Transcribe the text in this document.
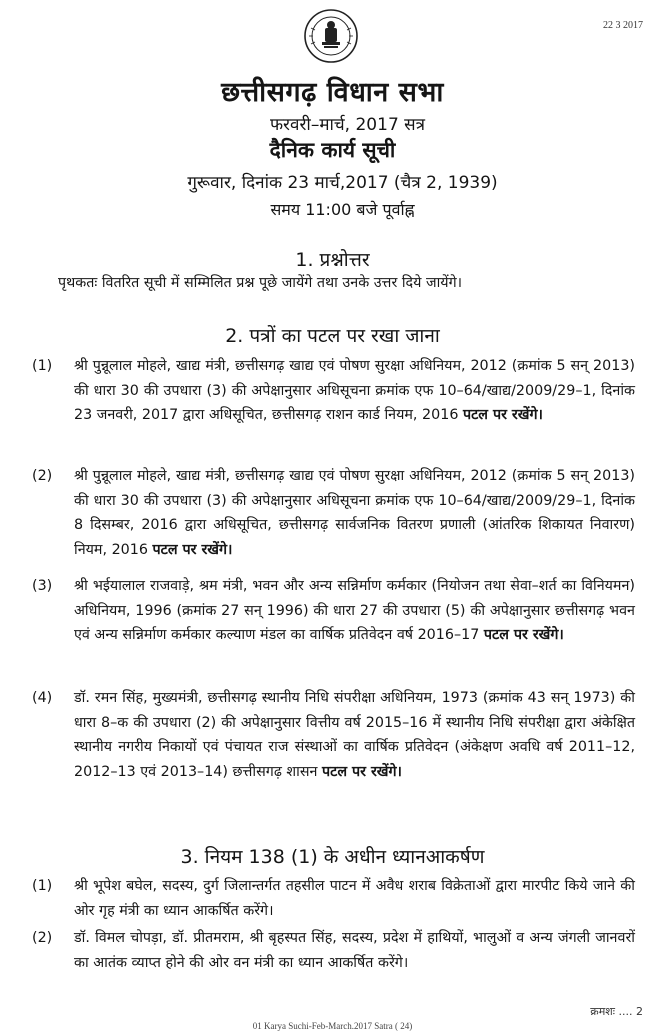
22 3 2017
छत्तीसगढ़ विधान सभा
फरवरी–मार्च, 2017 सत्र
दैनिक कार्य सूची
गुरूवार, दिनांक 23 मार्च,2017 (चैत्र 2, 1939)
समय 11:00 बजे पूर्वाह्न
1. प्रश्नोत्तर
पृथकतः वितरित सूची में सम्मिलित प्रश्न पूछे जायेंगे तथा उनके उत्तर दिये जायेंगे।
2. पत्रों का पटल पर रखा जाना
(1)	श्री पुन्नूलाल मोहले, खाद्य मंत्री, छत्तीसगढ़ खाद्य एवं पोषण सुरक्षा अधिनियम, 2012 (क्रमांक 5 सन् 2013) की धारा 30 की उपधारा (3) की अपेक्षानुसार अधिसूचना क्रमांक एफ 10–64/खाद्य/2009/29–1, दिनांक 23 जनवरी, 2017 द्वारा अधिसूचित, छत्तीसगढ़ राशन कार्ड नियम, 2016 पटल पर रखेंगे।
(2)	श्री पुन्नूलाल मोहले, खाद्य मंत्री, छत्तीसगढ़ खाद्य एवं पोषण सुरक्षा अधिनियम, 2012 (क्रमांक 5 सन् 2013) की धारा 30 की उपधारा (3) की अपेक्षानुसार अधिसूचना क्रमांक एफ 10–64/खाद्य/2009/29–1, दिनांक 8 दिसम्बर, 2016 द्वारा अधिसूचित, छत्तीसगढ़ सार्वजनिक वितरण प्रणाली (आंतरिक शिकायत निवारण) नियम, 2016 पटल पर रखेंगे।
(3)	श्री भईयालाल राजवाड़े, श्रम मंत्री, भवन और अन्य सन्निर्माण कर्मकार (नियोजन तथा सेवा–शर्त का विनियमन) अधिनियम, 1996 (क्रमांक 27 सन् 1996) की धारा 27 की उपधारा (5) की अपेक्षानुसार छत्तीसगढ़ भवन एवं अन्य सन्निर्माण कर्मकार कल्याण मंडल का वार्षिक प्रतिवेदन वर्ष 2016–17 पटल पर रखेंगे।
(4)	डॉ. रमन सिंह, मुख्यमंत्री, छत्तीसगढ़ स्थानीय निधि संपरीक्षा अधिनियम, 1973 (क्रमांक 43 सन् 1973) की धारा 8–क की उपधारा (2) की अपेक्षानुसार वित्तीय वर्ष 2015–16 में स्थानीय निधि संपरीक्षा द्वारा अंकेक्षित स्थानीय नगरीय निकायों एवं पंचायत राज संस्थाओं का वार्षिक प्रतिवेदन (अंकेक्षण अवधि वर्ष 2011–12, 2012–13 एवं 2013–14) छत्तीसगढ़ शासन पटल पर रखेंगे।
3. नियम 138 (1) के अधीन ध्यानआकर्षण
(1)	श्री भूपेश बघेल, सदस्य, दुर्ग जिलान्तर्गत तहसील पाटन में अवैध शराब विक्रेताओं द्वारा मारपीट किये जाने की ओर गृह मंत्री का ध्यान आकर्षित करेंगे।
(2)	डॉ. विमल चोपड़ा, डॉ. प्रीतमराम, श्री बृहस्पत सिंह, सदस्य, प्रदेश में हाथियों, भालुओं व अन्य जंगली जानवरों का आतंक व्याप्त होने की ओर वन मंत्री का ध्यान आकर्षित करेंगे।
क्रमशः .... 2
01 Karya Suchi-Feb-March.2017 Satra ( 24)
